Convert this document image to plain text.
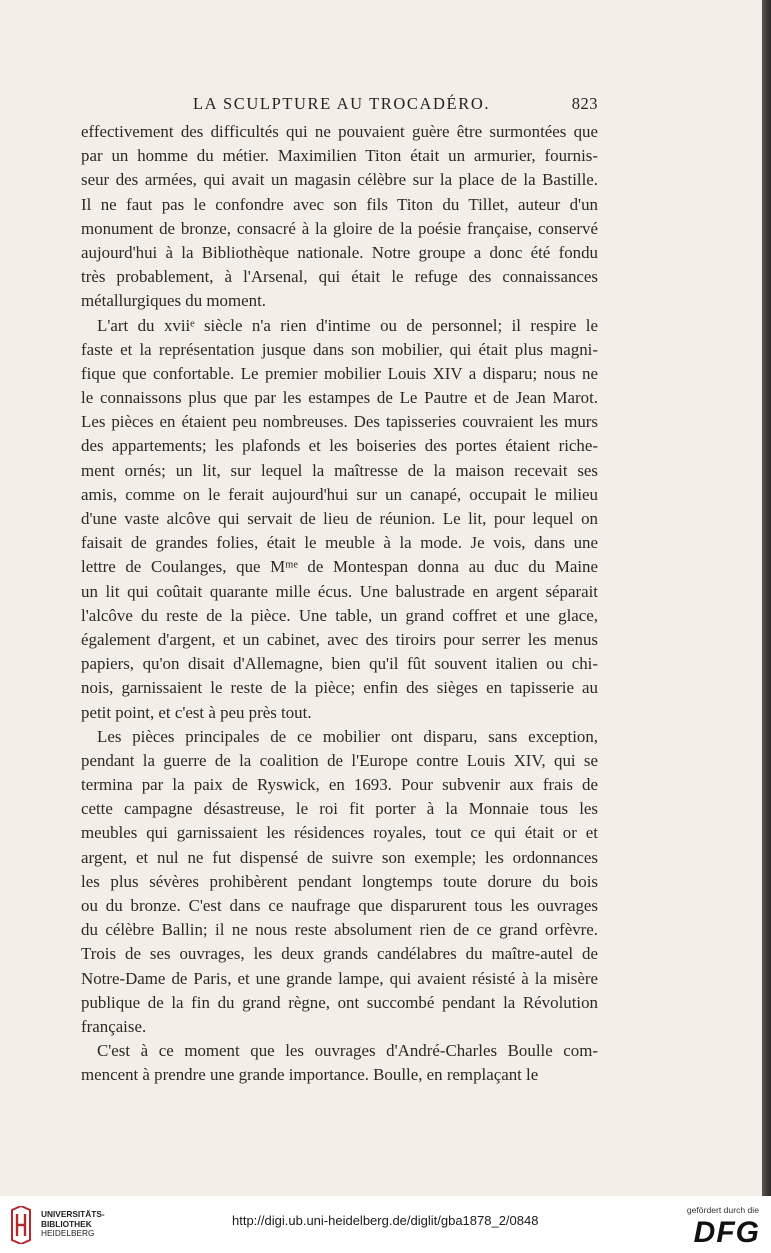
LA SCULPTURE AU TROCADÉRO.	823
effectivement des difficultés qui ne pouvaient guère être surmontées que
par un homme du métier. Maximilien Titon était un armurier, fournis-
seur des armées, qui avait un magasin célèbre sur la place de la Bastille.
Il ne faut pas le confondre avec son fils Titon du Tillet, auteur d'un
monument de bronze, consacré à la gloire de la poésie française, conservé
aujourd'hui à la Bibliothèque nationale. Notre groupe a donc été fondu
très probablement, à l'Arsenal, qui était le refuge des connaissances
métallurgiques du moment.
L'art du xviiᵉ siècle n'a rien d'intime ou de personnel; il respire le
faste et la représentation jusque dans son mobilier, qui était plus magni-
fique que confortable. Le premier mobilier Louis XIV a disparu; nous ne
le connaissons plus que par les estampes de Le Pautre et de Jean Marot.
Les pièces en étaient peu nombreuses. Des tapisseries couvraient les murs
des appartements; les plafonds et les boiseries des portes étaient riche-
ment ornés; un lit, sur lequel la maîtresse de la maison recevait ses
amis, comme on le ferait aujourd'hui sur un canapé, occupait le milieu
d'une vaste alcôve qui servait de lieu de réunion. Le lit, pour lequel on
faisait de grandes folies, était le meuble à la mode. Je vois, dans une
lettre de Coulanges, que Mᵐᵉ de Montespan donna au duc du Maine
un lit qui coûtait quarante mille écus. Une balustrade en argent séparait
l'alcôve du reste de la pièce. Une table, un grand coffret et une glace,
également d'argent, et un cabinet, avec des tiroirs pour serrer les menus
papiers, qu'on disait d'Allemagne, bien qu'il fût souvent italien ou chi-
nois, garnissaient le reste de la pièce; enfin des sièges en tapisserie au
petit point, et c'est à peu près tout.
Les pièces principales de ce mobilier ont disparu, sans exception,
pendant la guerre de la coalition de l'Europe contre Louis XIV, qui se
termina par la paix de Ryswick, en 1693. Pour subvenir aux frais de
cette campagne désastreuse, le roi fit porter à la Monnaie tous les
meubles qui garnissaient les résidences royales, tout ce qui était or et
argent, et nul ne fut dispensé de suivre son exemple; les ordonnances
les plus sévères prohibèrent pendant longtemps toute dorure du bois
ou du bronze. C'est dans ce naufrage que disparurent tous les ouvrages
du célèbre Ballin; il ne nous reste absolument rien de ce grand orfèvre.
Trois de ses ouvrages, les deux grands candélabres du maître-autel de
Notre-Dame de Paris, et une grande lampe, qui avaient résisté à la misère
publique de la fin du grand règne, ont succombé pendant la Révolution
française.
C'est à ce moment que les ouvrages d'André-Charles Boulle com-
mencent à prendre une grande importance. Boulle, en remplaçant le
UNIVERSITÄTS-
BIBLIOTHEK
HEIDELBERG
http://digi.ub.uni-heidelberg.de/diglit/gba1878_2/0848
gefördert durch die
DFG
